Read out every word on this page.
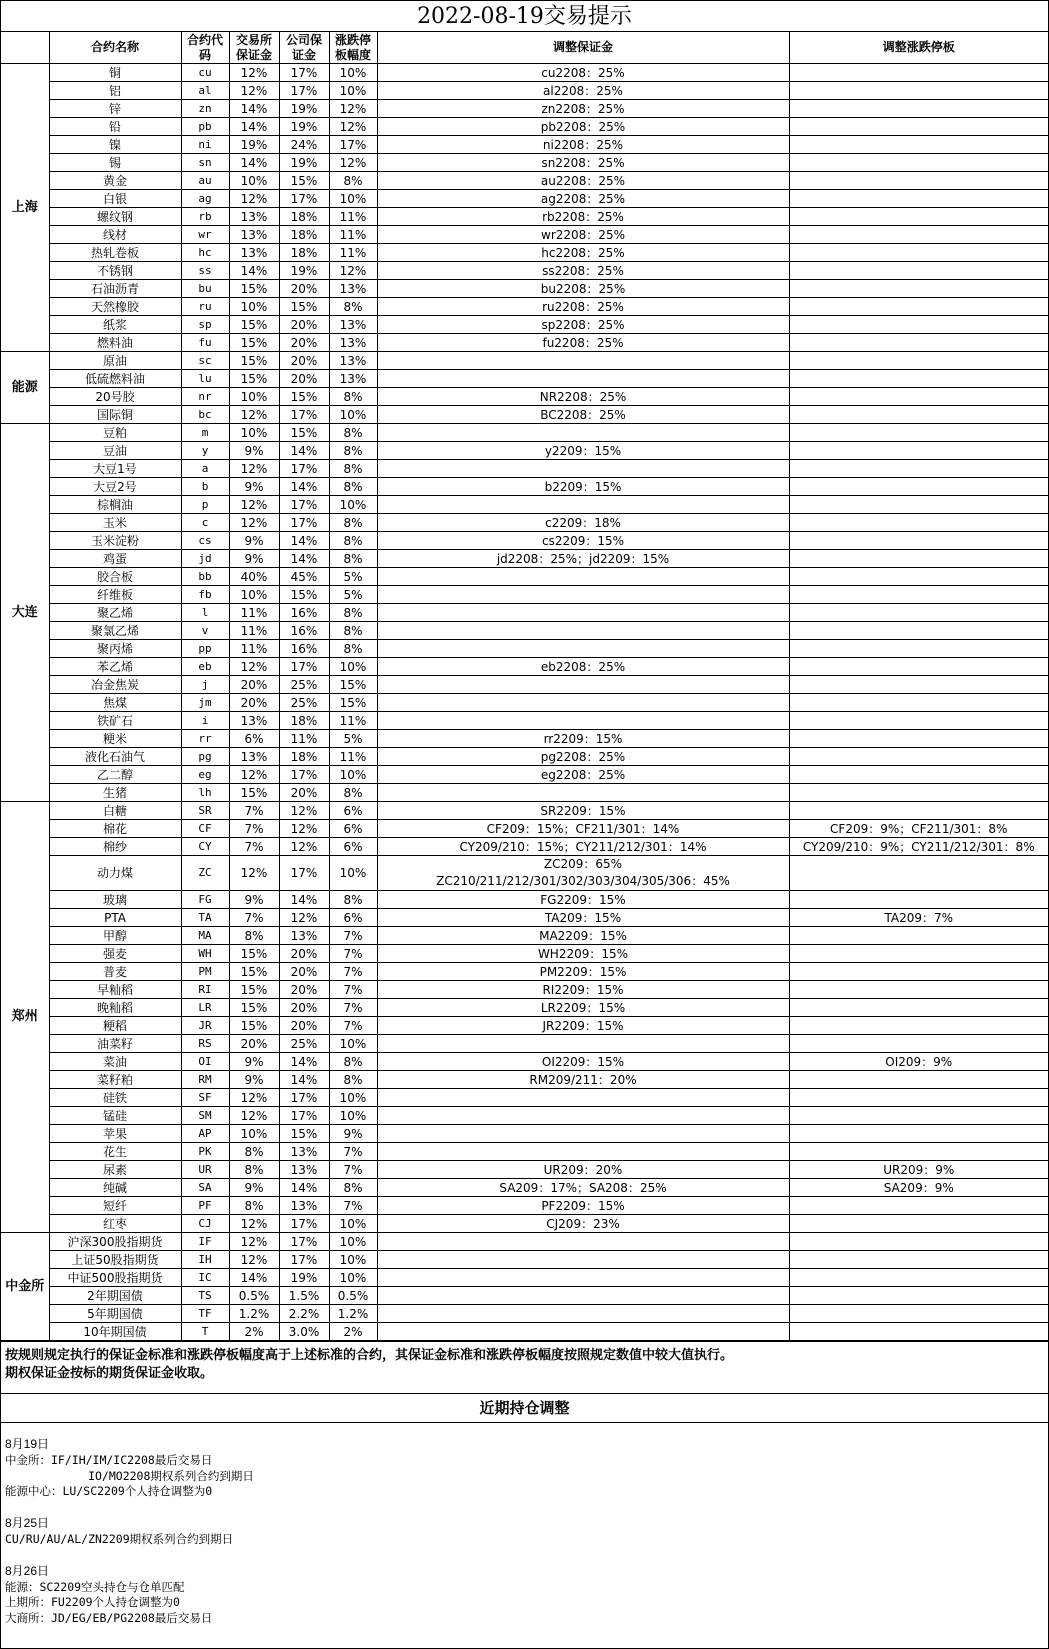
2022-08-19交易提示
	合约名称	合约代码	交易所保证金	公司保证金	涨跌停板幅度	调整保证金	调整涨跌停板
上海	铜	cu	12%	17%	10%	cu2208：25%	
	铝	al	12%	17%	10%	al2208：25%	
	锌	zn	14%	19%	12%	zn2208：25%	
	铅	pb	14%	19%	12%	pb2208：25%	
	镍	ni	19%	24%	17%	ni2208：25%	
	锡	sn	14%	19%	12%	sn2208：25%	
	黄金	au	10%	15%	8%	au2208：25%	
	白银	ag	12%	17%	10%	ag2208：25%	
	螺纹钢	rb	13%	18%	11%	rb2208：25%	
	线材	wr	13%	18%	11%	wr2208：25%	
	热轧卷板	hc	13%	18%	11%	hc2208：25%	
	不锈钢	ss	14%	19%	12%	ss2208：25%	
	石油沥青	bu	15%	20%	13%	bu2208：25%	
	天然橡胶	ru	10%	15%	8%	ru2208：25%	
	纸浆	sp	15%	20%	13%	sp2208：25%	
	燃料油	fu	15%	20%	13%	fu2208：25%	
能源	原油	sc	15%	20%	13%		
	低硫燃料油	lu	15%	20%	13%		
	20号胶	nr	10%	15%	8%	NR2208：25%	
	国际铜	bc	12%	17%	10%	BC2208：25%	
大连	豆粕	m	10%	15%	8%		
	豆油	y	9%	14%	8%	y2209：15%	
	大豆1号	a	12%	17%	8%		
	大豆2号	b	9%	14%	8%	b2209：15%	
	棕榈油	p	12%	17%	10%		
	玉米	c	12%	17%	8%	c2209：18%	
	玉米淀粉	cs	9%	14%	8%	cs2209：15%	
	鸡蛋	jd	9%	14%	8%	jd2208：25%；jd2209：15%	
	胶合板	bb	40%	45%	5%		
	纤维板	fb	10%	15%	5%		
	聚乙烯	l	11%	16%	8%		
	聚氯乙烯	v	11%	16%	8%		
	聚丙烯	pp	11%	16%	8%		
	苯乙烯	eb	12%	17%	10%	eb2208：25%	
	冶金焦炭	j	20%	25%	15%		
	焦煤	jm	20%	25%	15%		
	铁矿石	i	13%	18%	11%		
	粳米	rr	6%	11%	5%	rr2209：15%	
	液化石油气	pg	13%	18%	11%	pg2208：25%	
	乙二醇	eg	12%	17%	10%	eg2208：25%	
	生猪	lh	15%	20%	8%		
郑州	白糖	SR	7%	12%	6%	SR2209：15%	
	棉花	CF	7%	12%	6%	CF209：15%；CF211/301：14%	CF209：9%；CF211/301：8%
	棉纱	CY	7%	12%	6%	CY209/210：15%；CY211/212/301：14%	CY209/210：9%；CY211/212/301：8%
	动力煤	ZC	12%	17%	10%	ZC209：65%
ZC210/211/212/301/302/303/304/305/306：45%	
	玻璃	FG	9%	14%	8%	FG2209：15%	
	PTA	TA	7%	12%	6%	TA209：15%	TA209：7%
	甲醇	MA	8%	13%	7%	MA2209：15%	
	强麦	WH	15%	20%	7%	WH2209：15%	
	普麦	PM	15%	20%	7%	PM2209：15%	
	早籼稻	RI	15%	20%	7%	RI2209：15%	
	晚籼稻	LR	15%	20%	7%	LR2209：15%	
	粳稻	JR	15%	20%	7%	JR2209：15%	
	油菜籽	RS	20%	25%	10%		
	菜油	OI	9%	14%	8%	OI2209：15%	OI209：9%
	菜籽粕	RM	9%	14%	8%	RM209/211：20%	
	硅铁	SF	12%	17%	10%		
	锰硅	SM	12%	17%	10%		
	苹果	AP	10%	15%	9%		
	花生	PK	8%	13%	7%		
	尿素	UR	8%	13%	7%	UR209：20%	UR209：9%
	纯碱	SA	9%	14%	8%	SA209：17%；SA208：25%	SA209：9%
	短纤	PF	8%	13%	7%	PF2209：15%	
	红枣	CJ	12%	17%	10%	CJ209：23%	
中金所	沪深300股指期货	IF	12%	17%	10%		
	上证50股指期货	IH	12%	17%	10%		
	中证500股指期货	IC	14%	19%	10%		
	2年期国债	TS	0.5%	1.5%	0.5%		
	5年期国债	TF	1.2%	2.2%	1.2%		
	10年期国债	T	2%	3.0%	2%		
按规则规定执行的保证金标准和涨跌停板幅度高于上述标准的合约，其保证金标准和涨跌停板幅度按照规定数值中较大值执行。
期权保证金按标的期货保证金收取。
近期持仓调整
8月19日
中金所：IF/IH/IM/IC2208最后交易日
IO/MO2208期权系列合约到期日
能源中心：LU/SC2209个人持仓调整为0
8月25日
CU/RU/AU/AL/ZN2209期权系列合约到期日
8月26日
能源：SC2209空头持仓与仓单匹配
上期所：FU2209个人持仓调整为0
大商所：JD/EG/EB/PG2208最后交易日
